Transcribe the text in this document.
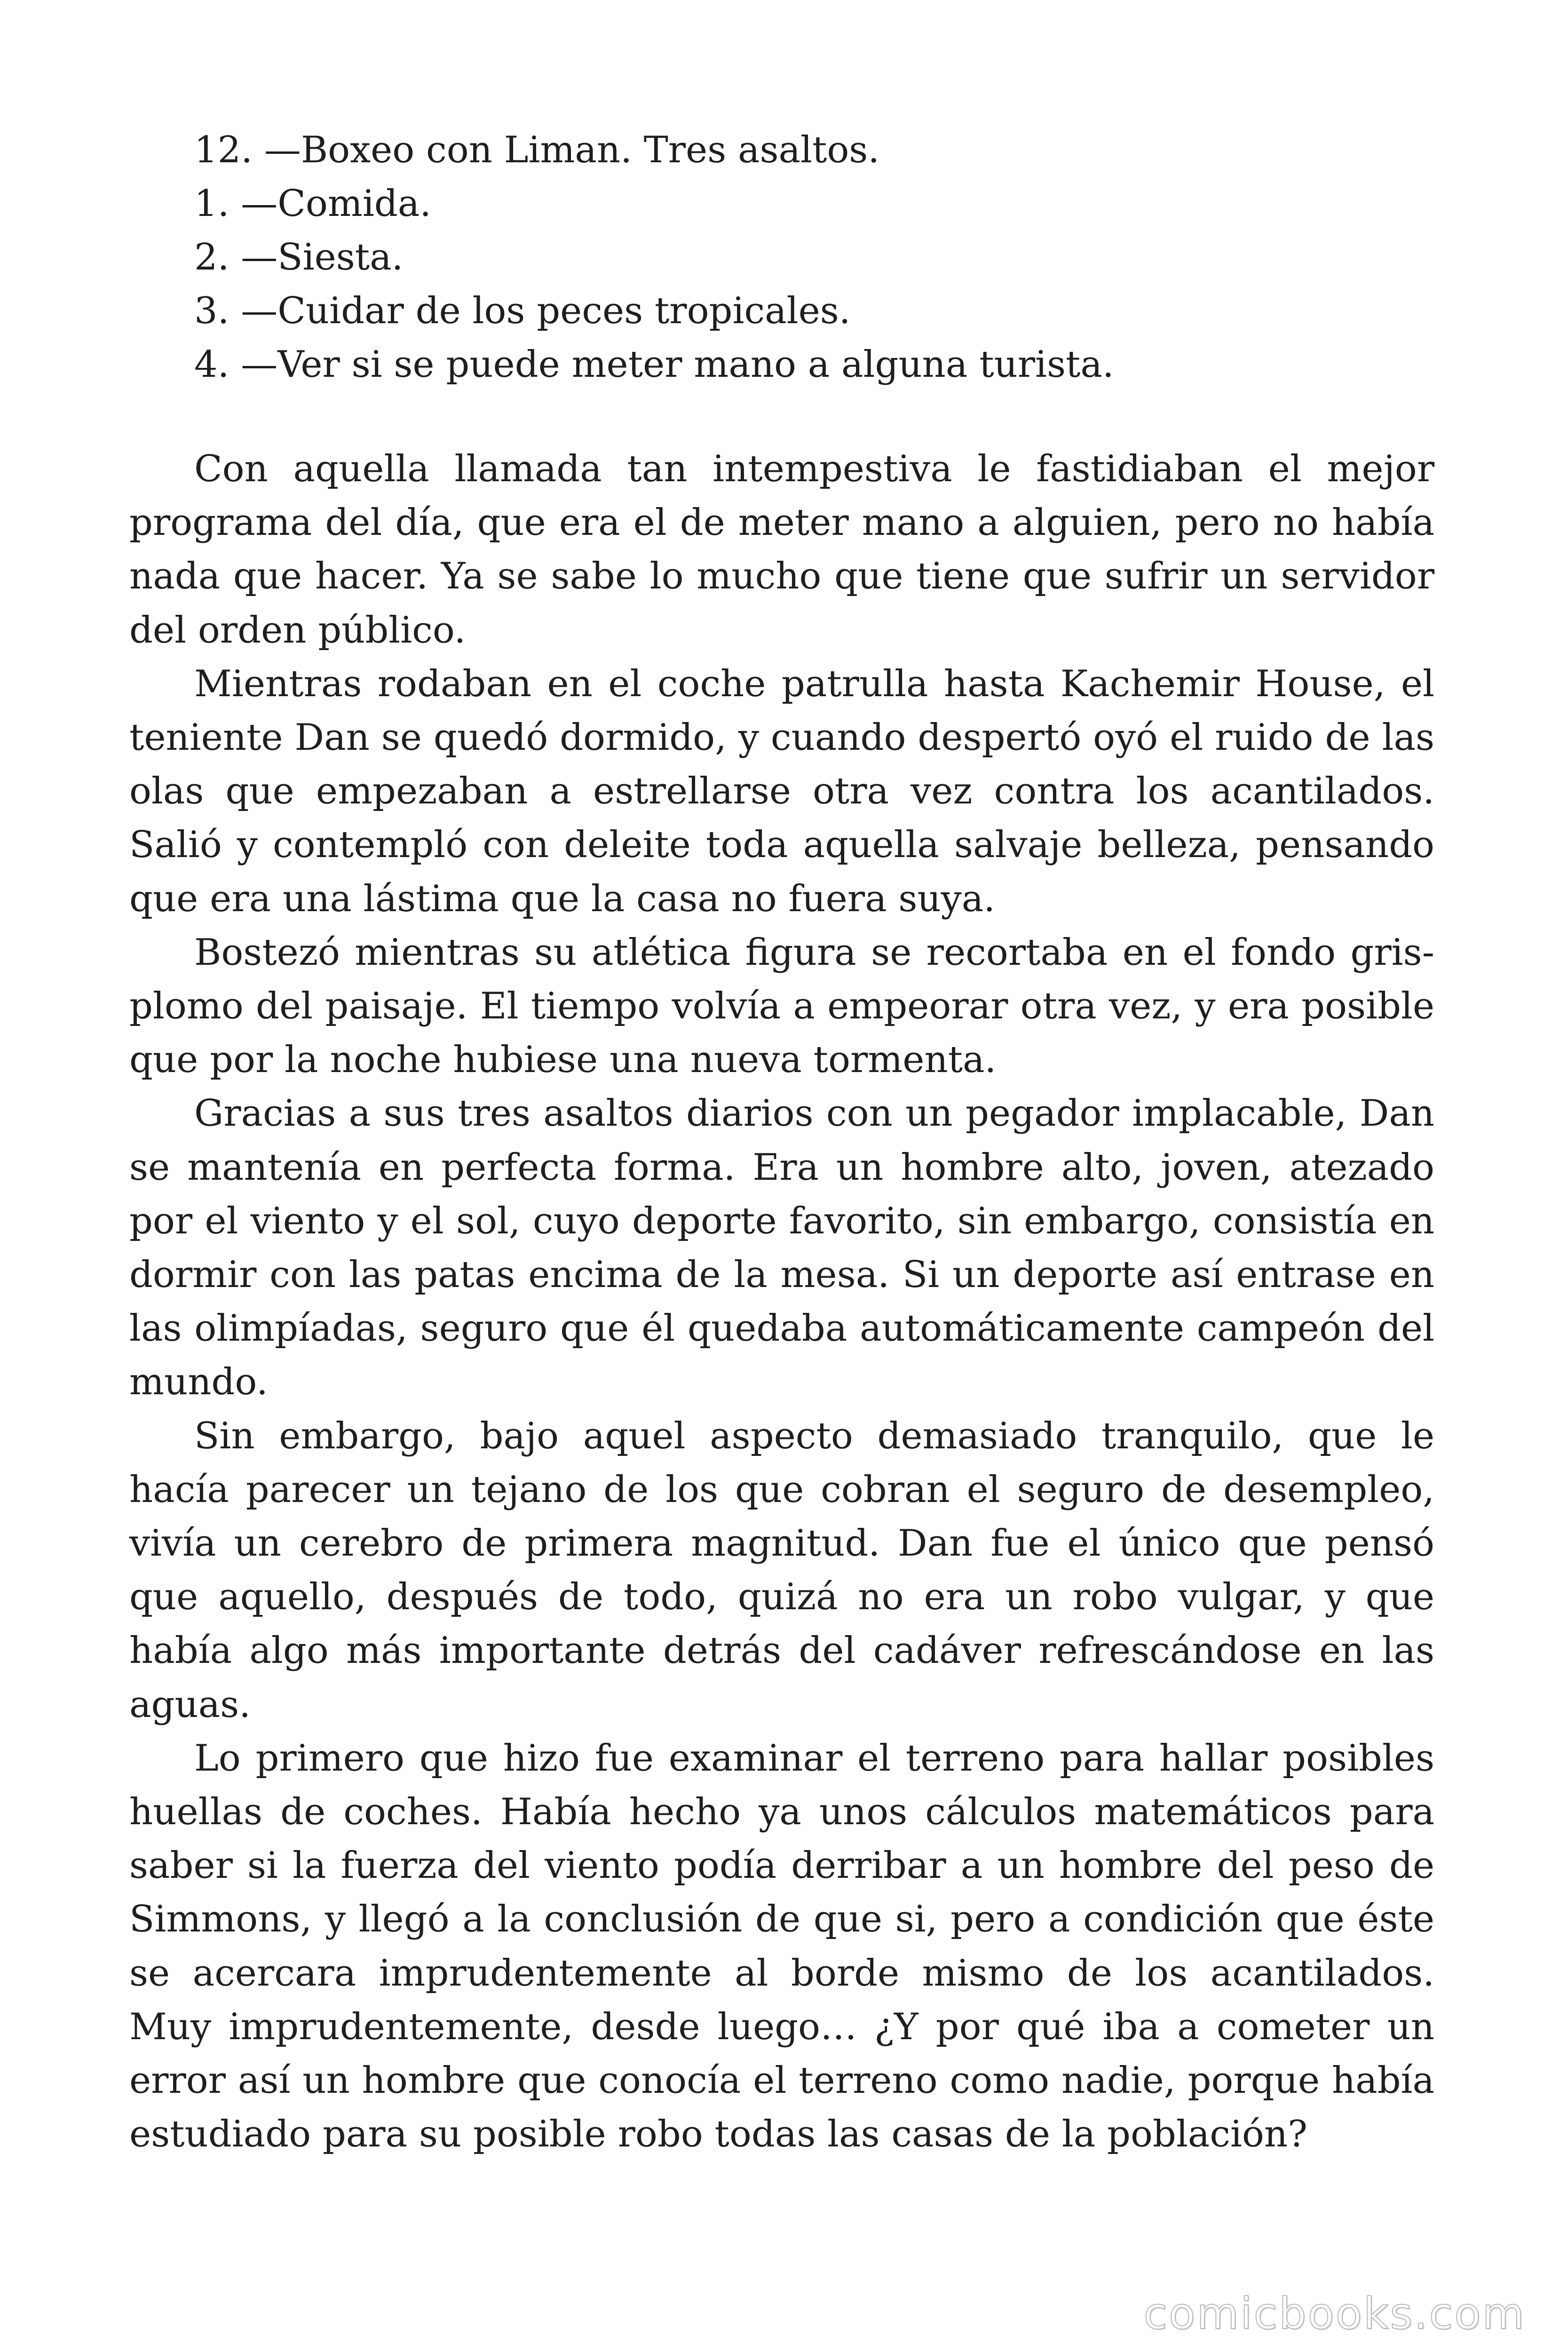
12. —Boxeo con Liman. Tres asaltos.
1. —Comida.
2. —Siesta.
3. —Cuidar de los peces tropicales.
4. —Ver si se puede meter mano a alguna turista.

Con aquella llamada tan intempestiva le fastidiaban el mejor programa del día, que era el de meter mano a alguien, pero no había nada que hacer. Ya se sabe lo mucho que tiene que sufrir un servidor del orden público.

Mientras rodaban en el coche patrulla hasta Kachemir House, el teniente Dan se quedó dormido, y cuando despertó oyó el ruido de las olas que empezaban a estrellarse otra vez contra los acantilados. Salió y contempló con deleite toda aquella salvaje belleza, pensando que era una lástima que la casa no fuera suya.

Bostezó mientras su atlética figura se recortaba en el fondo gris-plomo del paisaje. El tiempo volvía a empeorar otra vez, y era posible que por la noche hubiese una nueva tormenta.

Gracias a sus tres asaltos diarios con un pegador implacable, Dan se mantenía en perfecta forma. Era un hombre alto, joven, atezado por el viento y el sol, cuyo deporte favorito, sin embargo, consistía en dormir con las patas encima de la mesa. Si un deporte así entrase en las olimpíadas, seguro que él quedaba automáticamente campeón del mundo.

Sin embargo, bajo aquel aspecto demasiado tranquilo, que le hacía parecer un tejano de los que cobran el seguro de desempleo, vivía un cerebro de primera magnitud. Dan fue el único que pensó que aquello, después de todo, quizá no era un robo vulgar, y que había algo más importante detrás del cadáver refrescándose en las aguas.

Lo primero que hizo fue examinar el terreno para hallar posibles huellas de coches. Había hecho ya unos cálculos matemáticos para saber si la fuerza del viento podía derribar a un hombre del peso de Simmons, y llegó a la conclusión de que si, pero a condición que éste se acercara imprudentemente al borde mismo de los acantilados. Muy imprudentemente, desde luego… ¿Y por qué iba a cometer un error así un hombre que conocía el terreno como nadie, porque había estudiado para su posible robo todas las casas de la población?

comicbooks.com
